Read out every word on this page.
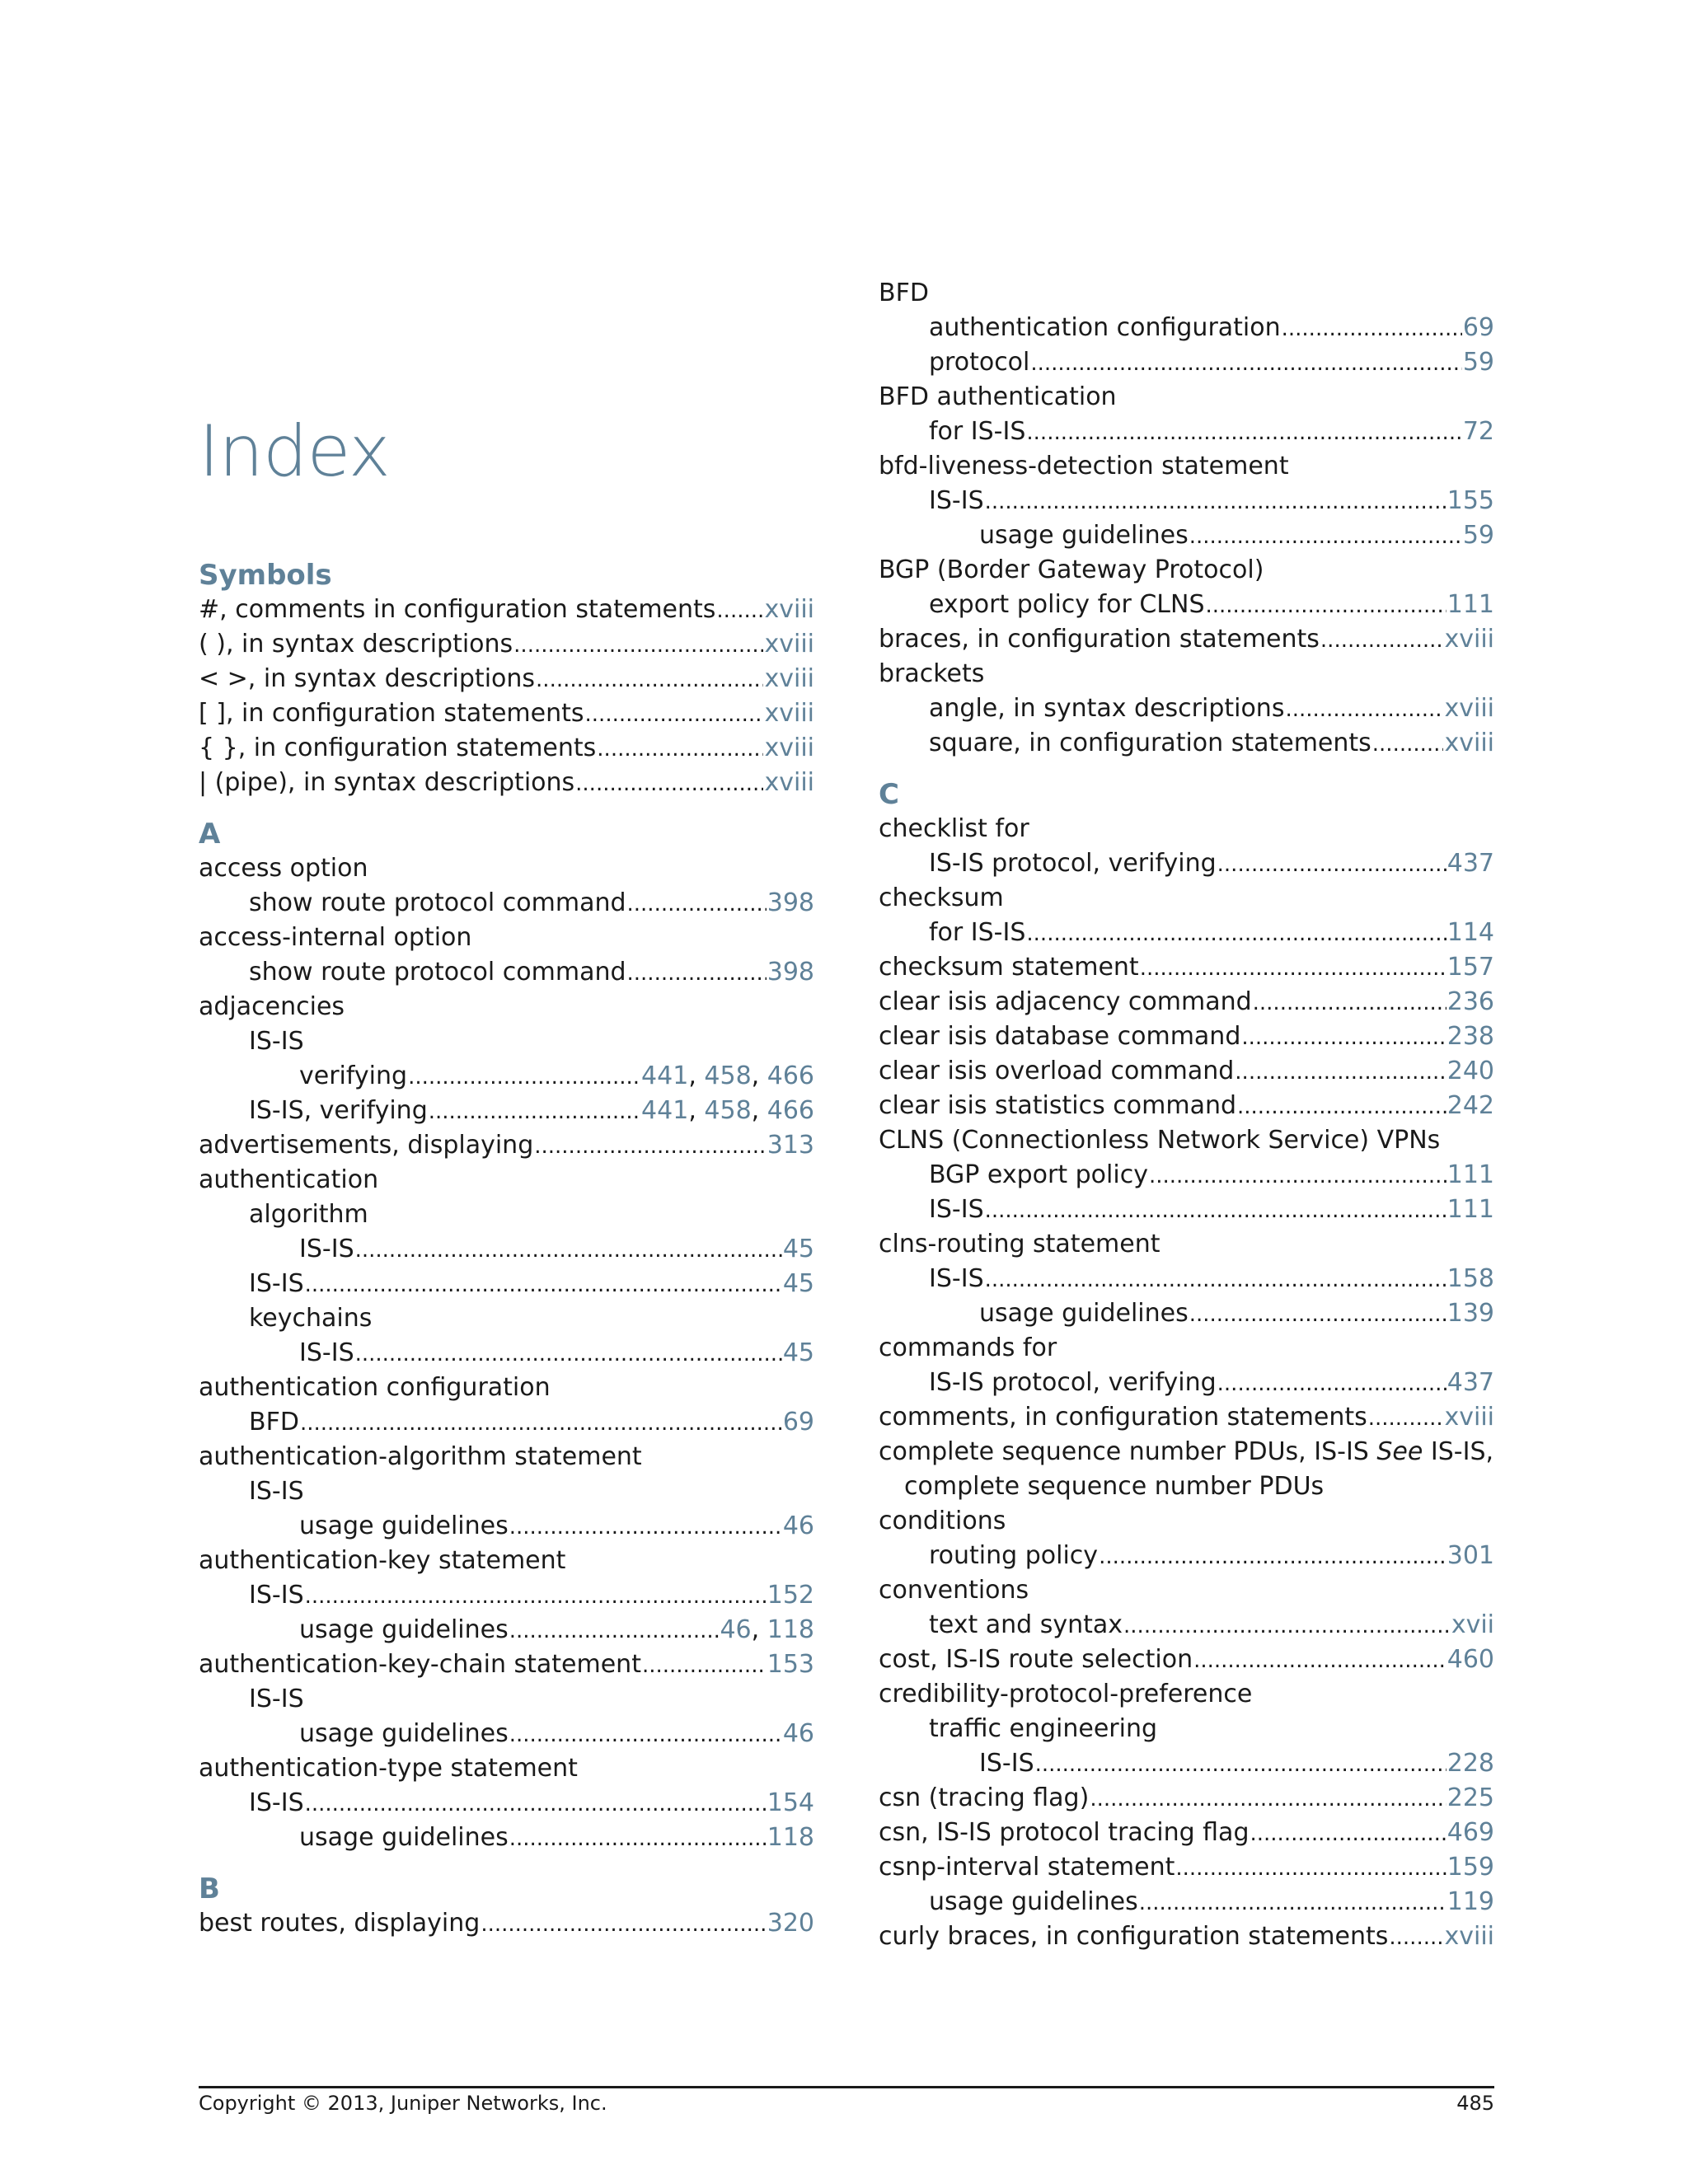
Index
Symbols
#, comments in configuration statements ..... xviii
( ), in syntax descriptions .....	xviii
< >, in syntax descriptions .....	xviii
[ ], in configuration statements .....	xviii
{ }, in configuration statements .....	xviii
| (pipe), in syntax descriptions .....	xviii
A
access option
show route protocol command .....	398
access-internal option
show route protocol command .....	398
adjacencies
IS-IS
verifying .....	441, 458, 466
IS-IS, verifying .....	441, 458, 466
advertisements, displaying .....	313
authentication
algorithm
IS-IS .....	45
IS-IS .....	45
keychains
IS-IS .....	45
authentication configuration
BFD .....	69
authentication-algorithm statement
IS-IS
usage guidelines .....	46
authentication-key statement
IS-IS .....	152
usage guidelines .....	46, 118
authentication-key-chain statement .....	153
IS-IS
usage guidelines .....	46
authentication-type statement
IS-IS .....	154
usage guidelines .....	118
B
best routes, displaying .....	320
BFD
authentication configuration .....	69
protocol .....	59
BFD authentication
for IS-IS .....	72
bfd-liveness-detection statement
IS-IS .....	155
usage guidelines .....	59
BGP (Border Gateway Protocol)
export policy for CLNS .....	111
braces, in configuration statements .....	xviii
brackets
angle, in syntax descriptions .....	xviii
square, in configuration statements .....	xviii
C
checklist for
IS-IS protocol, verifying .....	437
checksum
for IS-IS .....	114
checksum statement .....	157
clear isis adjacency command .....	236
clear isis database command .....	238
clear isis overload command .....	240
clear isis statistics command .....	242
CLNS (Connectionless Network Service) VPNs
BGP export policy .....	111
IS-IS .....	111
clns-routing statement
IS-IS .....	158
usage guidelines .....	139
commands for
IS-IS protocol, verifying .....	437
comments, in configuration statements .....	xviii
complete sequence number PDUs, IS-IS See IS-IS,
complete sequence number PDUs
conditions
routing policy .....	301
conventions
text and syntax .....	xvii
cost, IS-IS route selection .....	460
credibility-protocol-preference
traffic engineering
IS-IS .....	228
csn (tracing flag) .....	225
csn, IS-IS protocol tracing flag .....	469
csnp-interval statement .....	159
usage guidelines .....	119
curly braces, in configuration statements ..... xviii
Copyright © 2013, Juniper Networks, Inc.	485
